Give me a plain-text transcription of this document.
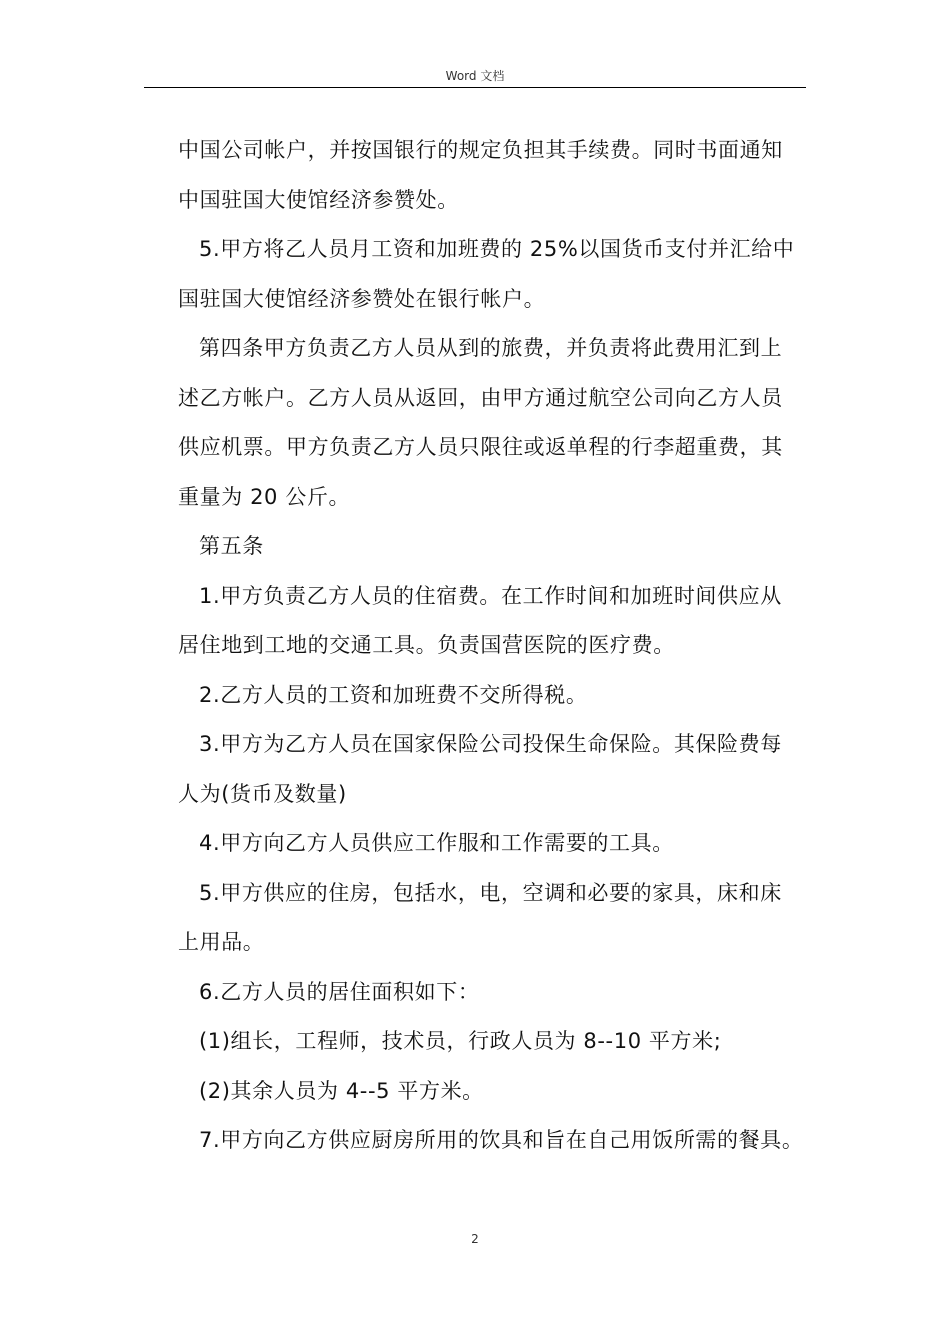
Word 文档

中国公司帐户，并按国银行的规定负担其手续费。同时书面通知

中国驻国大使馆经济参赞处。

5.甲方将乙人员月工资和加班费的 25%以国货币支付并汇给中

国驻国大使馆经济参赞处在银行帐户。

第四条甲方负责乙方人员从到的旅费，并负责将此费用汇到上

述乙方帐户。乙方人员从返回，由甲方通过航空公司向乙方人员

供应机票。甲方负责乙方人员只限往或返单程的行李超重费，其

重量为 20 公斤。

第五条

1.甲方负责乙方人员的住宿费。在工作时间和加班时间供应从

居住地到工地的交通工具。负责国营医院的医疗费。

2.乙方人员的工资和加班费不交所得税。

3.甲方为乙方人员在国家保险公司投保生命保险。其保险费每

人为(货币及数量)

4.甲方向乙方人员供应工作服和工作需要的工具。

5.甲方供应的住房，包括水，电，空调和必要的家具，床和床

上用品。

6.乙方人员的居住面积如下：

(1)组长，工程师，技术员，行政人员为 8--10 平方米;

(2)其余人员为 4--5 平方米。

7.甲方向乙方供应厨房所用的饮具和旨在自己用饭所需的餐具。

2
